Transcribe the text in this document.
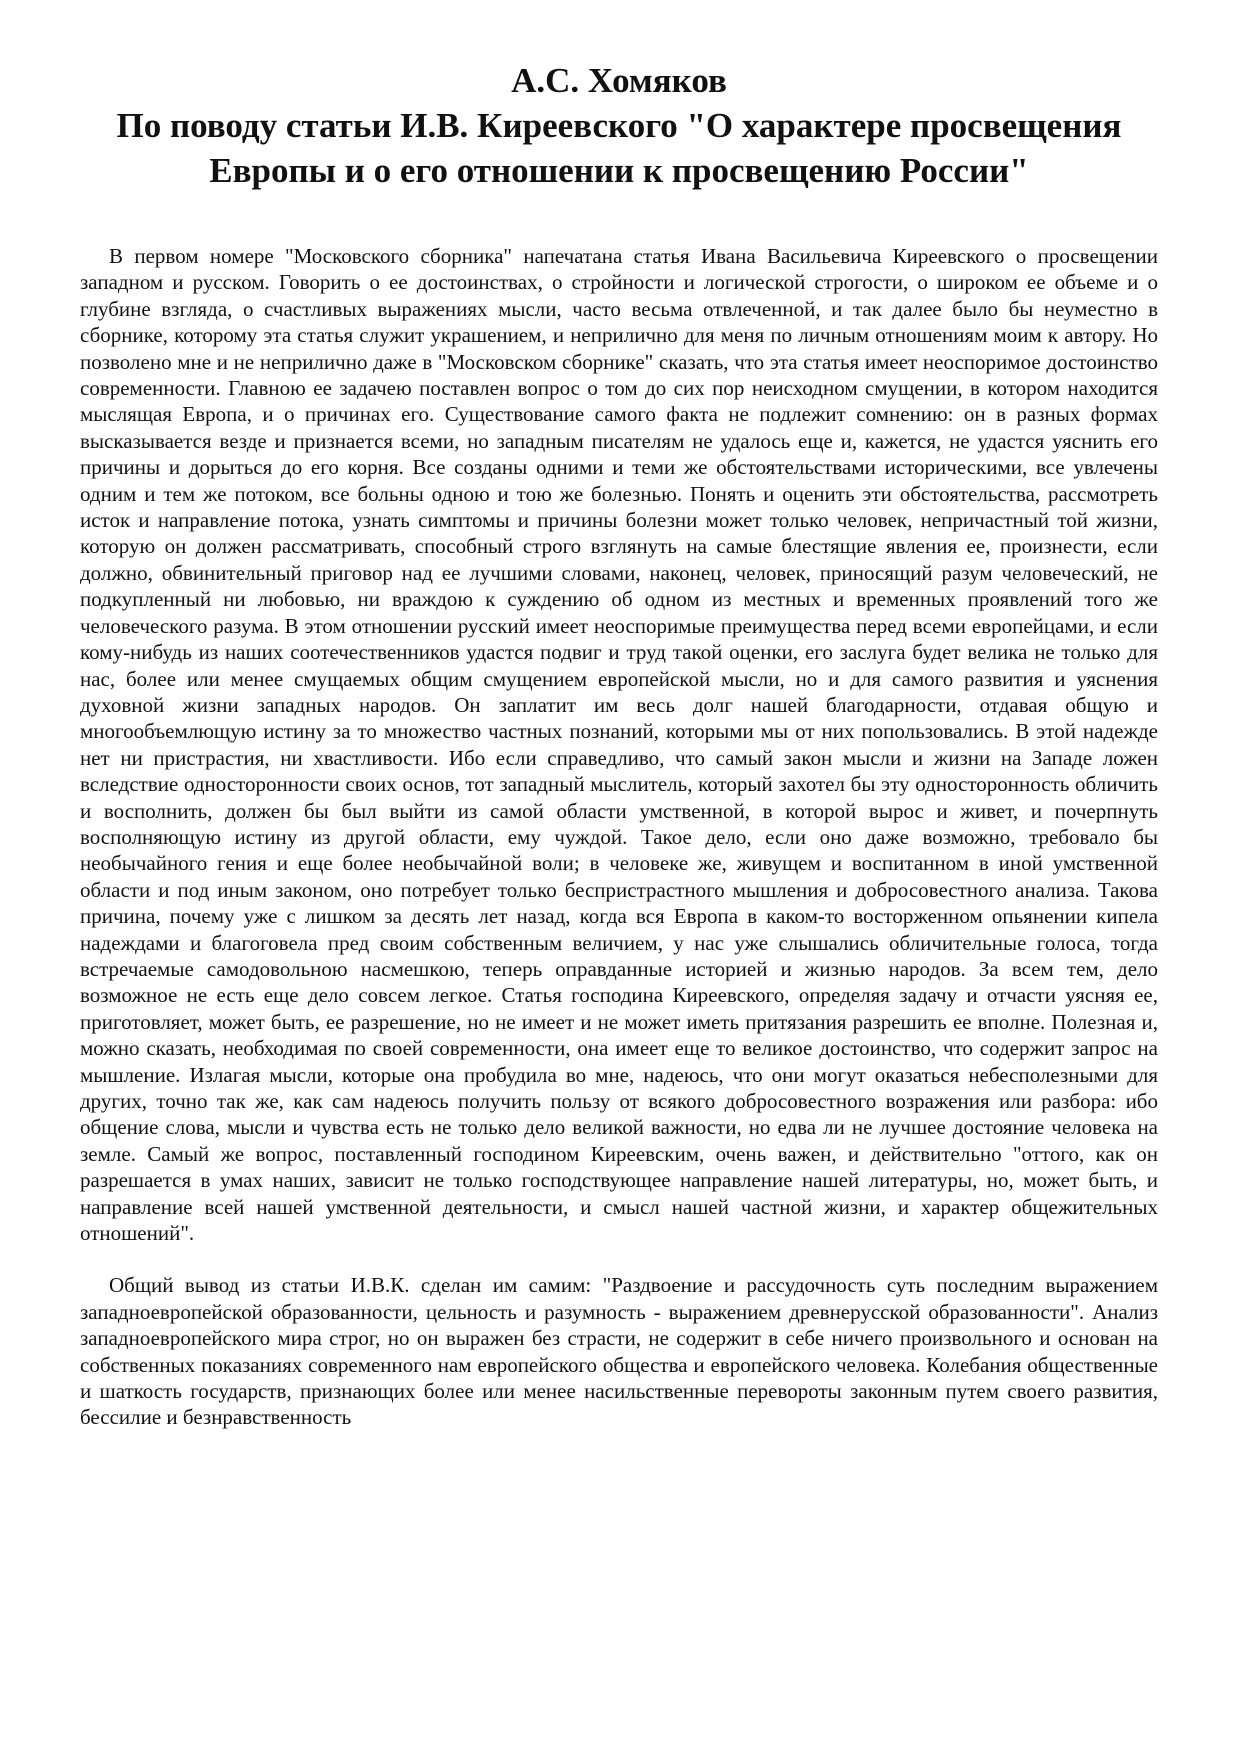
А.С. Хомяков
По поводу статьи И.В. Киреевского "О характере просвещения
Европы и о его отношении к просвещению России"

В первом номере "Московского сборника" напечатана статья Ивана Васильевича Киреевского о просвещении западном и русском. Говорить о ее достоинствах, о стройности и логической строгости, о широком ее объеме и о глубине взгляда, о счастливых выражениях мысли, часто весьма отвлеченной, и так далее было бы неуместно в сборнике, которому эта статья служит украшением, и неприлично для меня по личным отношениям моим к автору. Но позволено мне и не неприлично даже в "Московском сборнике" сказать, что эта статья имеет неоспоримое достоинство современности. Главною ее задачею поставлен вопрос о том до сих пор неисходном смущении, в котором находится мыслящая Европа, и о причинах его. Существование самого факта не подлежит сомнению: он в разных формах высказывается везде и признается всеми, но западным писателям не удалось еще и, кажется, не удастся уяснить его причины и дорыться до его корня. Все созданы одними и теми же обстоятельствами историческими, все увлечены одним и тем же потоком, все больны одною и тою же болезнью. Понять и оценить эти обстоятельства, рассмотреть исток и направление потока, узнать симптомы и причины болезни может только человек, непричастный той жизни, которую он должен рассматривать, способный строго взглянуть на самые блестящие явления ее, произнести, если должно, обвинительный приговор над ее лучшими словами, наконец, человек, приносящий разум человеческий, не подкупленный ни любовью, ни враждою к суждению об одном из местных и временных проявлений того же человеческого разума. В этом отношении русский имеет неоспоримые преимущества перед всеми европейцами, и если кому-нибудь из наших соотечественников удастся подвиг и труд такой оценки, его заслуга будет велика не только для нас, более или менее смущаемых общим смущением европейской мысли, но и для самого развития и уяснения духовной жизни западных народов. Он заплатит им весь долг нашей благодарности, отдавая общую и многообъемлющую истину за то множество частных познаний, которыми мы от них попользовались. В этой надежде нет ни пристрастия, ни хвастливости. Ибо если справедливо, что самый закон мысли и жизни на Западе ложен вследствие односторонности своих основ, тот западный мыслитель, который захотел бы эту односторонность обличить и восполнить, должен бы был выйти из самой области умственной, в которой вырос и живет, и почерпнуть восполняющую истину из другой области, ему чуждой. Такое дело, если оно даже возможно, требовало бы необычайного гения и еще более необычайной воли; в человеке же, живущем и воспитанном в иной умственной области и под иным законом, оно потребует только беспристрастного мышления и добросовестного анализа. Такова причина, почему уже с лишком за десять лет назад, когда вся Европа в каком-то восторженном опьянении кипела надеждами и благоговела пред своим собственным величием, у нас уже слышались обличительные голоса, тогда встречаемые самодовольною насмешкою, теперь оправданные историей и жизнью народов. За всем тем, дело возможное не есть еще дело совсем легкое. Статья господина Киреевского, определяя задачу и отчасти уясняя ее, приготовляет, может быть, ее разрешение, но не имеет и не может иметь притязания разрешить ее вполне. Полезная и, можно сказать, необходимая по своей современности, она имеет еще то великое достоинство, что содержит запрос на мышление. Излагая мысли, которые она пробудила во мне, надеюсь, что они могут оказаться небесполезными для других, точно так же, как сам надеюсь получить пользу от всякого добросовестного возражения или разбора: ибо общение слова, мысли и чувства есть не только дело великой важности, но едва ли не лучшее достояние человека на земле. Самый же вопрос, поставленный господином Киреевским, очень важен, и действительно "оттого, как он разрешается в умах наших, зависит не только господствующее направление нашей литературы, но, может быть, и направление всей нашей умственной деятельности, и смысл нашей частной жизни, и характер общежительных отношений".

Общий вывод из статьи И.В.К. сделан им самим: "Раздвоение и рассудочность суть последним выражением западноевропейской образованности, цельность и разумность - выражением древнерусской образованности". Анализ западноевропейского мира строг, но он выражен без страсти, не содержит в себе ничего произвольного и основан на собственных показаниях современного нам европейского общества и европейского человека. Колебания общественные и шаткость государств, признающих более или менее насильственные перевороты законным путем своего развития, бессилие и безнравственность
